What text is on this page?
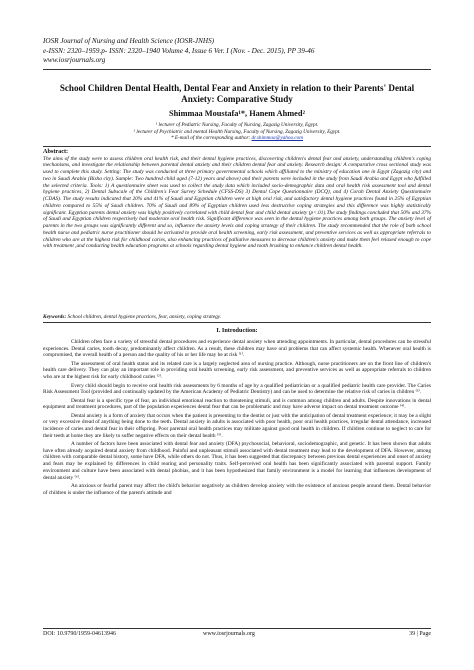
IOSR Journal of Nursing and Health Science (IOSR-JNHS)
e-ISSN: 2320–1959.p- ISSN: 2320–1940 Volume 4, Issue 6 Ver. I (Nov. - Dec. 2015), PP 39-46
www.iosrjournals.org
School Children Dental Health, Dental Fear and Anxiety in relation to their Parents' Dental Anxiety: Comparative Study
Shimmaa Moustafa¹*, Hanem Ahmed²
¹ lecturer of Pediatric Nursing, Faculty of Nursing, Zagazig University, Egypt.
² lecturer of Psychiatric and mental Health Nursing, Faculty of Nursing, Zagazig University, Egypt.
* E-mail of the corresponding author: dr.shimmaa@yahoo.com
Abstract:
The aims of the study were to assess children oral health risk, and their dental hygiene practices, discovering children's dental fear and anxiety, understanding children's coping mechanisms, and investigate the relationship between parental dental anxiety and their children dental fear and anxiety. Research design: A comparative cross sectional study was used to complete this study. Setting: The study was conducted at three primary governmental schools which affiliated to the ministry of education one in Egypt (Zagazig city) and two in Saudi Arabia (Bisha city). Sample: Two hundred child aged (7-12) years and above) and their parents were included in the study from Saudi Arabia and Egypt who fulfilled the selected criteria. Tools: 1) A questionnaire sheet was used to collect the study data which included socio-demographic data and oral health risk assessment tool and dental hygiene practices, 2) Dental Subscale of the Children's Fear Survey Schedule (CFSS-DS) 3) Dental Cope Questionnaire (DCQ), and 4) Corah Dental Anxiety Questionnaire (CDAS). The study results indicated that 20% and 41% of Saudi and Egyptian children were at high oral risk, and satisfactory dental hygiene practices found in 25% of Egyptian children compared to 55% of Saudi children. 70% of Saudi and 89% of Egyptian children used less destructive coping strategies and this difference was highly statistically significant. Egyptian parents dental anxiety was highly positively correlated with child dental fear and child dental anxiety (p<.01).The study findings concluded that 50% and 37% of Saudi and Egyptian children respectively had moderate oral health risk. Significant difference was seen in the dental hygiene practices among both groups. The anxiety level of parents in the two groups was significantly different and so, influence the anxiety levels and coping strategy of their children. The study recommended that the role of both school health nurse and pediatric nurse practitioner should be activated to provide oral health screening, early risk assessment, and preventive services as well as appropriate referrals to children who are at the highest risk for childhood caries, also enhancing practices of palliative measures to decrease children's anxiety and make them feel relaxed enough to cope with treatment ,and conducting health education programs at schools regarding dental hygiene and tooth brushing to enhance children dental health.
Keywords: School children, dental hygiene practices, fear, anxiety, coping strategy.
I. Introduction:

Children often face a variety of stressful dental procedures and experience dental anxiety when attending appointments. In particular, dental procedures can be stressful experiences. Dental caries, tooth decay, predominantly affect children. As a result, these children may have oral problems that can affect systemic health. Whenever oral health is compromised, the overall health of a person and the quality of his or her life may be at risk ⁽¹⁾.

The assessment of oral health status and its related care is a largely neglected area of nursing practice. Although, nurse practitioners are on the front line of children's health care delivery. They can play an important role in providing oral health screening, early risk assessment, and preventive services as well as appropriate referrals to children who are at the highest risk for early childhood caries ⁽²⁾.

Every child should begin to receive oral health risk assessments by 6 months of age by a qualified pediatrician or a qualified pediatric health care provider. The Caries Risk Assessment Tool (provided and continually updated by the American Academy of Pediatric Dentistry) and can be used to determine the relative risk of caries in children ⁽³⁾.

Dental fear is a specific type of fear, an individual emotional reaction to threatening stimuli, and is common among children and adults. Despite innovations in dental equipment and treatment procedures, part of the population experiences dental fear that can be problematic and may have adverse impact on dental treatment outcome ⁽⁴⁾.

Dental anxiety is a form of anxiety that occurs when the patient is presenting to the dentist or just with the anticipation of dental treatment experience; it may be a slight or very excessive dread of anything being done to the teeth. Dental anxiety in adults is associated with poor health, poor oral health practices, irregular dental attendance, increased incidence of caries and dental fear in their offspring. Poor parental oral health practices may militate against good oral health in children. If children continue to neglect to care for their teeth at home they are likely to suffer negative effects on their dental health ⁽⁵⁾.

A number of factors have been associated with dental fear and anxiety (DFA) psychosocial, behavioral, sociodemographic, and genetic. It has been shown that adults have often already acquired dental anxiety from childhood. Painful and unpleasant stimuli associated with dental treatment may lead to the development of DFA. However, among children with comparable dental history, some have DFA, while others do not. Thus, it has been suggested that discrepancy between previous dental experiences and onset of anxiety and fears may be explained by differences in child rearing and personality traits. Self-perceived oral health has been significantly associated with parental support. Family environment and culture have been associated with dental phobias, and it has been hypothesized that family environment is a model for learning that influences development of dental anxiety ⁽⁶⁾.

An anxious or fearful parent may affect the child's behavior negatively as children develop anxiety with the existence of anxious people around them. Dental behavior of children is under the influence of the parent's attitude and

DOI: 10.9790/1959-04613946	www.iosrjournals.org	39 | Page
